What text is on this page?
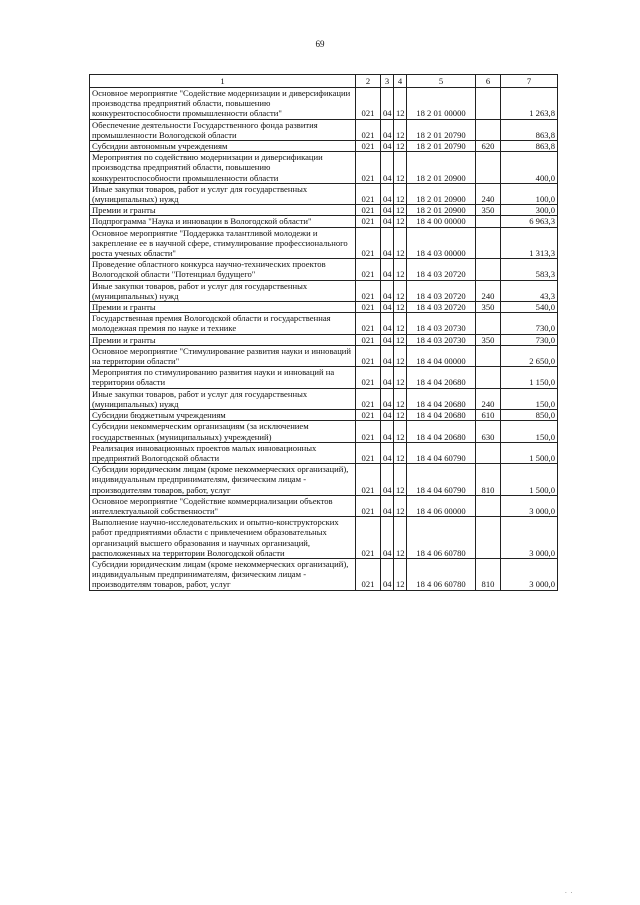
69
1	2	3	4	5	6	7
Основное мероприятие "Содействие модернизации и диверсификации производства предприятий области, повышению конкурентоспособности промышленности области"	021	04	12	18 2 01 00000		1 263,8
Обеспечение деятельности Государственного фонда развития промышленности Вологодской области	021	04	12	18 2 01 20790		863,8
Субсидии автономным учреждениям	021	04	12	18 2 01 20790	620	863,8
Мероприятия по содействию модернизации и диверсификации производства предприятий области, повышению конкурентоспособности промышленности области	021	04	12	18 2 01 20900		400,0
Иные закупки товаров, работ и услуг для государственных (муниципальных) нужд	021	04	12	18 2 01 20900	240	100,0
Премии и гранты	021	04	12	18 2 01 20900	350	300,0
Подпрограмма "Наука и инновации в Вологодской области"	021	04	12	18 4 00 00000		6 963,3
Основное мероприятие "Поддержка талантливой молодежи и закрепление ее в научной сфере, стимулирование профессионального роста ученых области"	021	04	12	18 4 03 00000		1 313,3
Проведение областного конкурса научно-технических проектов Вологодской области "Потенциал будущего"	021	04	12	18 4 03 20720		583,3
Иные закупки товаров, работ и услуг для государственных (муниципальных) нужд	021	04	12	18 4 03 20720	240	43,3
Премии и гранты	021	04	12	18 4 03 20720	350	540,0
Государственная премия Вологодской области и государственная молодежная премия по науке и технике	021	04	12	18 4 03 20730		730,0
Премии и гранты	021	04	12	18 4 03 20730	350	730,0
Основное мероприятие "Стимулирование развития науки и инноваций на территории области"	021	04	12	18 4 04 00000		2 650,0
Мероприятия по стимулированию развития науки и инноваций на территории области	021	04	12	18 4 04 20680		1 150,0
Иные закупки товаров, работ и услуг для государственных (муниципальных) нужд	021	04	12	18 4 04 20680	240	150,0
Субсидии бюджетным учреждениям	021	04	12	18 4 04 20680	610	850,0
Субсидии некоммерческим организациям (за исключением государственных (муниципальных) учреждений)	021	04	12	18 4 04 20680	630	150,0
Реализация инновационных проектов малых инновационных предприятий Вологодской области	021	04	12	18 4 04 60790		1 500,0
Субсидии юридическим лицам (кроме некоммерческих организаций), индивидуальным предпринимателям, физическим лицам - производителям товаров, работ, услуг	021	04	12	18 4 04 60790	810	1 500,0
Основное мероприятие "Содействие коммерциализации объектов интеллектуальной собственности"	021	04	12	18 4 06 00000		3 000,0
Выполнение научно-исследовательских и опытно-конструкторских работ предприятиями области с привлечением образовательных организаций высшего образования и научных организаций, расположенных на территории Вологодской области	021	04	12	18 4 06 60780		3 000,0
Субсидии юридическим лицам (кроме некоммерческих организаций), индивидуальным предпринимателям, физическим лицам - производителям товаров, работ, услуг	021	04	12	18 4 06 60780	810	3 000,0
. .
